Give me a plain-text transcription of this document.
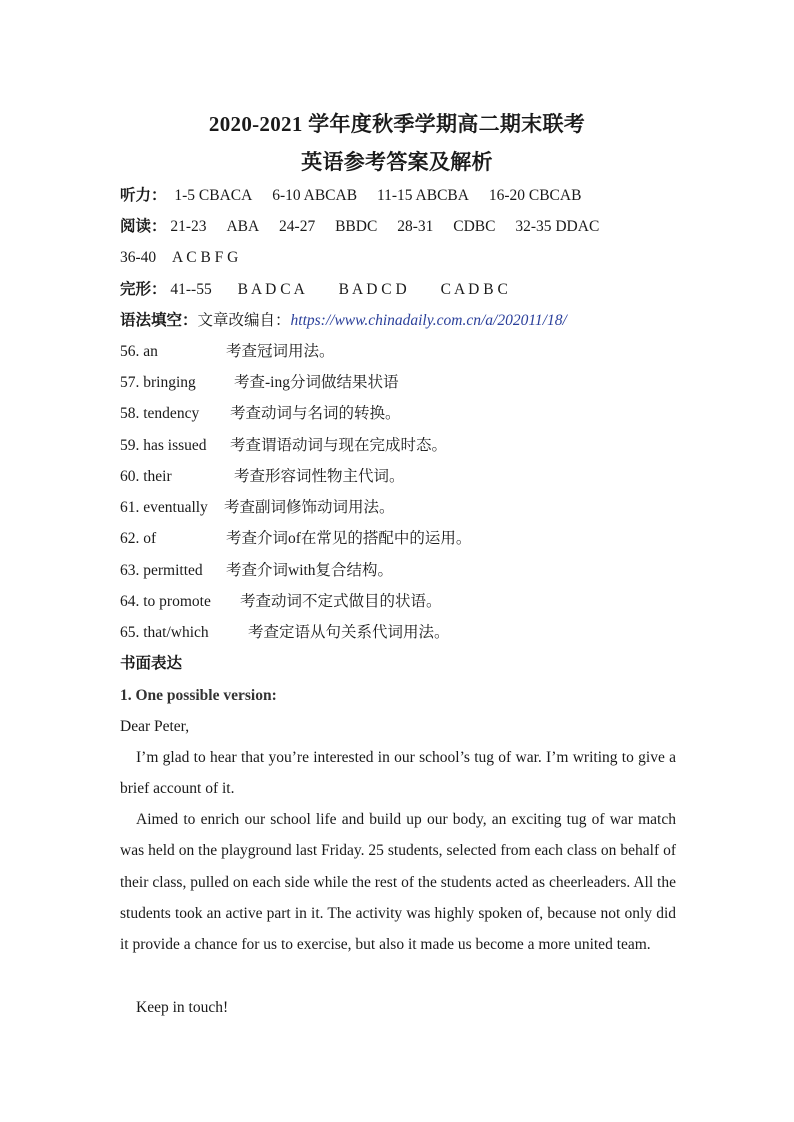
2020-2021 学年度秋季学期高二期末联考
英语参考答案及解析
听力： 1-5 CBACA 6-10 ABCAB 11-15 ABCBA 16-20 CBCAB
阅读： 21-23 ABA 24-27 BBDC 28-31 CDBC 32-35 DDAC
36-40 A C B F G
完形： 41--55 B A D C A B A D C D C A D B C
语法填空：文章改编自：https://www.chinadaily.com.cn/a/202011/18/
56. an	考查冠词用法。
57. bringing 考查-ing分词做结果状语
58. tendency 考查动词与名词的转换。
59. has issued 考查谓语动词与现在完成时态。
60. their	考查形容词性物主代词。
61. eventually 考查副词修饰动词用法。
62. of	考查介词of在常见的搭配中的运用。
63. permitted 考查介词with复合结构。
64. to promote 考查动词不定式做目的状语。
65. that/which	考查定语从句关系代词用法。
书面表达
1. One possible version:
Dear Peter,
I’m glad to hear that you’re interested in our school’s tug of war. I’m writing to give a brief account of it.
Aimed to enrich our school life and build up our body, an exciting tug of war match was held on the playground last Friday. 25 students, selected from each class on behalf of their class, pulled on each side while the rest of the students acted as cheerleaders. All the students took an active part in it. The activity was highly spoken of, because not only did it provide a chance for us to exercise, but also it made us become a more united team.
Keep in touch!
